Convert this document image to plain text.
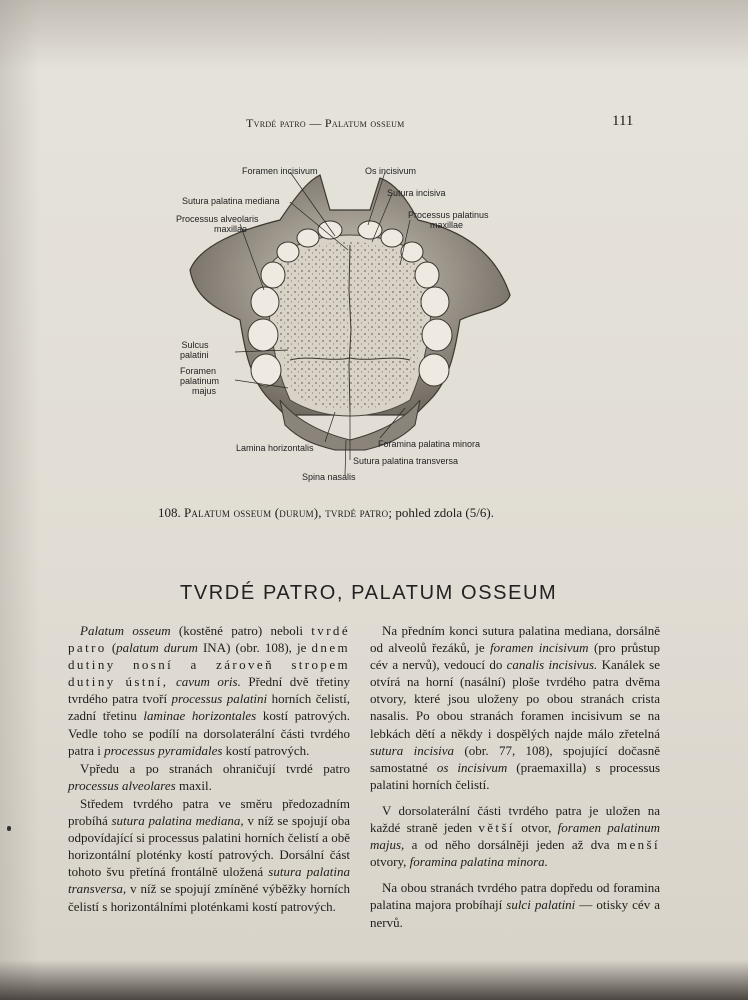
Tvrdé patro — Palatum osseum	111
Foramen incisivum	Os incisivum
Sutura incisiva
Sutura palatina mediana
Processus palatinus
maxillae
Processus alveolaris
maxillae
Sulcus
palatini
Foramen
palatinum
majus
Lamina horizontalis	Foramina palatina minora
Sutura palatina transversa
Spina nasalis
108. Palatum osseum (durum), tvrdé patro; pohled zdola (5/6).
TVRDÉ PATRO, PALATUM OSSEUM

Palatum osseum (kostěné patro) neboli tvrdé patro (palatum durum INA) (obr. 108), je dnem dutiny nosní a zároveň stropem dutiny ústní, cavum oris. Přední dvě třetiny tvrdého patra tvoří processus palatini horních čelistí, zadní třetinu laminae horizontales kostí patrových. Vedle toho se podílí na dorsolaterální části tvrdého patra i processus pyramidales kostí patrových.

Vpředu a po stranách ohraničují tvrdé patro processus alveolares maxil.

Středem tvrdého patra ve směru předozadním probíhá sutura palatina mediana, v níž se spojují oba odpovídající si processus palatini horních čelistí a obě horizontální ploténky kostí patrových. Dorsální část tohoto švu přetíná frontálně uložená sutura palatina transversa, v níž se spojují zmíněné výběžky horních čelistí s horizontálními ploténkami kostí patrových.

Na předním konci sutura palatina mediana, dorsálně od alveolů řezáků, je foramen incisivum (pro průstup cév a nervů), vedoucí do canalis incisivus. Kanálek se otvírá na horní (nasální) ploše tvrdého patra dvěma otvory, které jsou uloženy po obou stranách crista nasalis. Po obou stranách foramen incisivum se na lebkách dětí a někdy i dospělých najde málo zřetelná sutura incisiva (obr. 77, 108), spojující dočasně samostatné os incisivum (praemaxilla) s processus palatini horních čelistí.

V dorsolaterální části tvrdého patra je uložen na každé straně jeden větší otvor, foramen palatinum majus, a od něho dorsálněji jeden až dva menší otvory, foramina palatina minora.

Na obou stranách tvrdého patra dopředu od foramina palatina majora probíhají sulci palatini — otisky cév a nervů.
